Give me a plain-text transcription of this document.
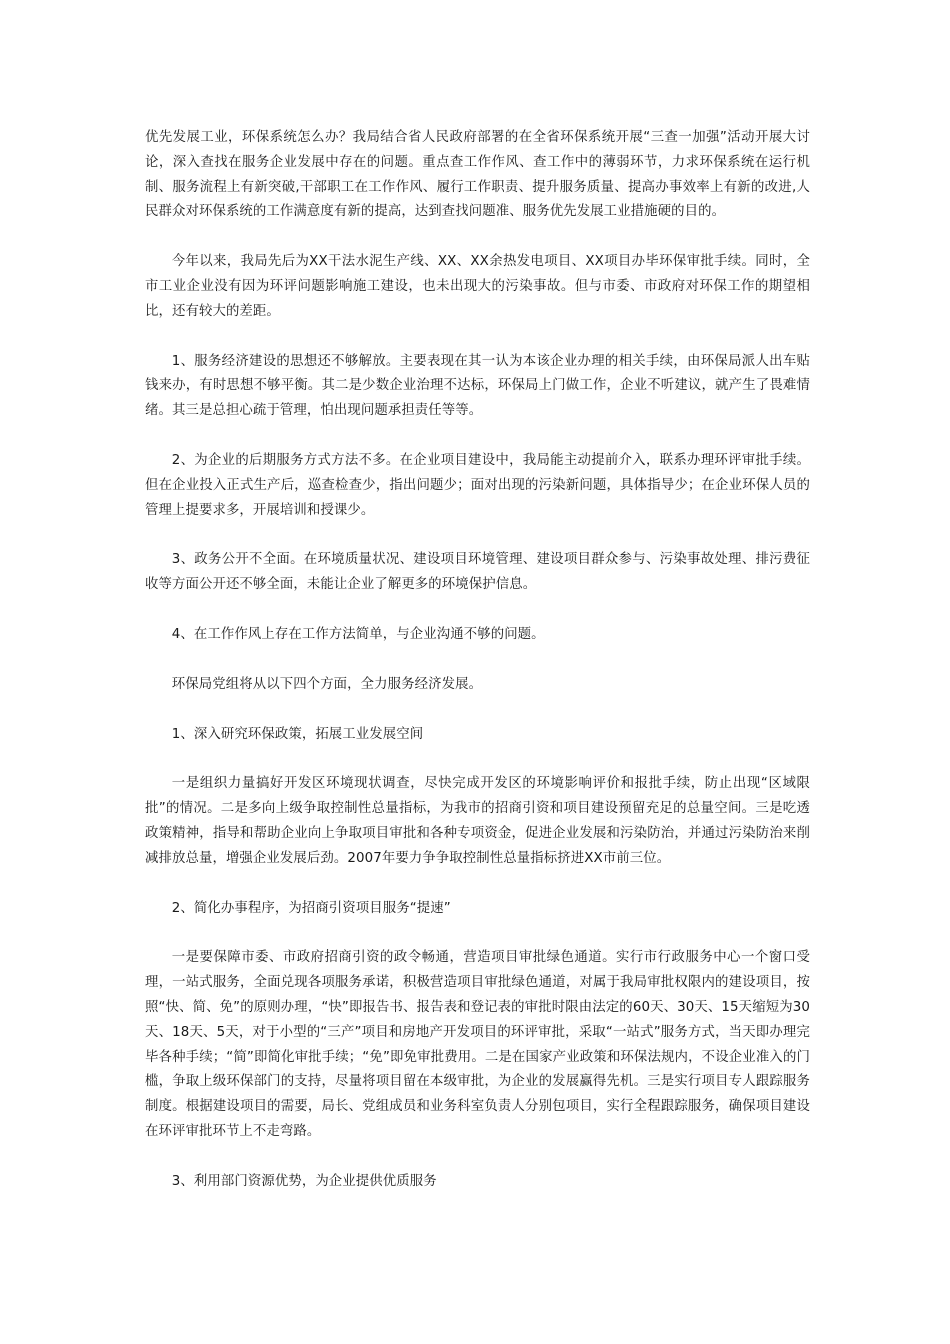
优先发展工业，环保系统怎么办？我局结合省人民政府部署的在全省环保系统开展“三查一加强”活动开展大讨论，深入查找在服务企业发展中存在的问题。重点查工作作风、查工作中的薄弱环节，力求环保系统在运行机制、服务流程上有新突破,干部职工在工作作风、履行工作职责、提升服务质量、提高办事效率上有新的改进,人民群众对环保系统的工作满意度有新的提高，达到查找问题准、服务优先发展工业措施硬的目的。

今年以来，我局先后为XX干法水泥生产线、XX、XX余热发电项目、XX项目办毕环保审批手续。同时，全市工业企业没有因为环评问题影响施工建设，也未出现大的污染事故。但与市委、市政府对环保工作的期望相比，还有较大的差距。

1、服务经济建设的思想还不够解放。主要表现在其一认为本该企业办理的相关手续，由环保局派人出车贴钱来办，有时思想不够平衡。其二是少数企业治理不达标，环保局上门做工作，企业不听建议，就产生了畏难情绪。其三是总担心疏于管理，怕出现问题承担责任等等。

2、为企业的后期服务方式方法不多。在企业项目建设中，我局能主动提前介入，联系办理环评审批手续。但在企业投入正式生产后，巡查检查少，指出问题少；面对出现的污染新问题，具体指导少；在企业环保人员的管理上提要求多，开展培训和授课少。

3、政务公开不全面。在环境质量状况、建设项目环境管理、建设项目群众参与、污染事故处理、排污费征收等方面公开还不够全面，未能让企业了解更多的环境保护信息。

4、在工作作风上存在工作方法简单，与企业沟通不够的问题。

环保局党组将从以下四个方面，全力服务经济发展。

1、深入研究环保政策，拓展工业发展空间

一是组织力量搞好开发区环境现状调查，尽快完成开发区的环境影响评价和报批手续，防止出现“区域限批”的情况。二是多向上级争取控制性总量指标，为我市的招商引资和项目建设预留充足的总量空间。三是吃透政策精神，指导和帮助企业向上争取项目审批和各种专项资金，促进企业发展和污染防治，并通过污染防治来削减排放总量，增强企业发展后劲。2007年要力争争取控制性总量指标挤进XX市前三位。

2、简化办事程序，为招商引资项目服务“提速”

一是要保障市委、市政府招商引资的政令畅通，营造项目审批绿色通道。实行市行政服务中心一个窗口受理，一站式服务，全面兑现各项服务承诺，积极营造项目审批绿色通道，对属于我局审批权限内的建设项目，按照“快、简、免”的原则办理，“快”即报告书、报告表和登记表的审批时限由法定的60天、30天、15天缩短为30天、18天、5天，对于小型的“三产”项目和房地产开发项目的环评审批，采取“一站式”服务方式，当天即办理完毕各种手续；“简”即简化审批手续；“免”即免审批费用。二是在国家产业政策和环保法规内，不设企业准入的门槛，争取上级环保部门的支持，尽量将项目留在本级审批，为企业的发展赢得先机。三是实行项目专人跟踪服务制度。根据建设项目的需要，局长、党组成员和业务科室负责人分别包项目，实行全程跟踪服务，确保项目建设在环评审批环节上不走弯路。

3、利用部门资源优势，为企业提供优质服务
